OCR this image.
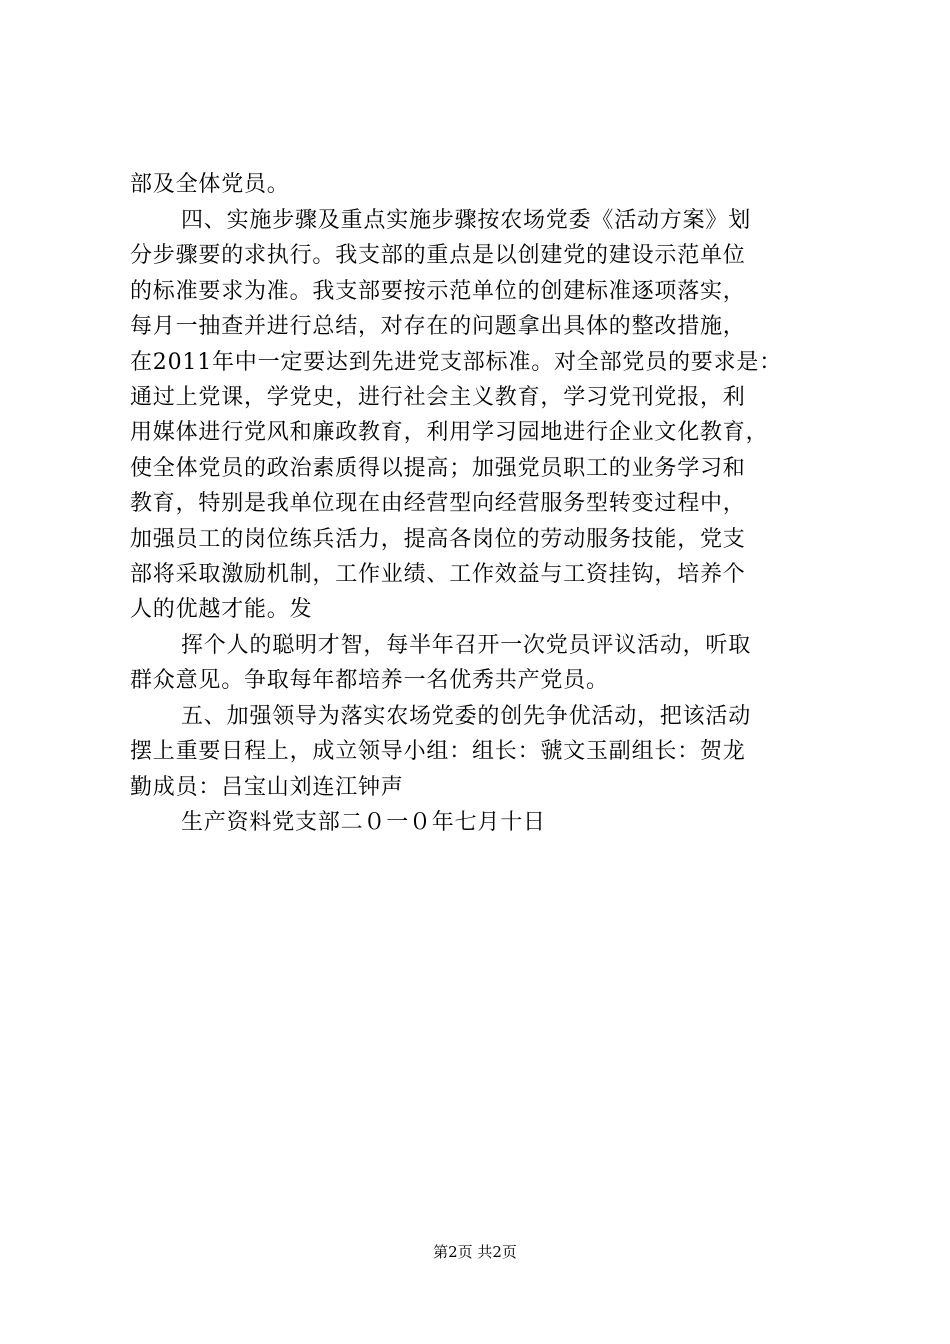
部及全体党员。
四、实施步骤及重点实施步骤按农场党委《活动方案》划
分步骤要的求执行。我支部的重点是以创建党的建设示范单位
的标准要求为准。我支部要按示范单位的创建标准逐项落实，
每月一抽查并进行总结，对存在的问题拿出具体的整改措施，
在2011年中一定要达到先进党支部标准。对全部党员的要求是：
通过上党课，学党史，进行社会主义教育，学习党刊党报，利
用媒体进行党风和廉政教育，利用学习园地进行企业文化教育，
使全体党员的政治素质得以提高；加强党员职工的业务学习和
教育，特别是我单位现在由经营型向经营服务型转变过程中，
加强员工的岗位练兵活力，提高各岗位的劳动服务技能，党支
部将采取激励机制，工作业绩、工作效益与工资挂钩，培养个
人的优越才能。发
挥个人的聪明才智，每半年召开一次党员评议活动，听取
群众意见。争取每年都培养一名优秀共产党员。
五、加强领导为落实农场党委的创先争优活动，把该活动
摆上重要日程上，成立领导小组：组长：虢文玉副组长：贺龙
勤成员：吕宝山刘连江钟声
生产资料党支部二０一０年七月十日
第2页 共2页
